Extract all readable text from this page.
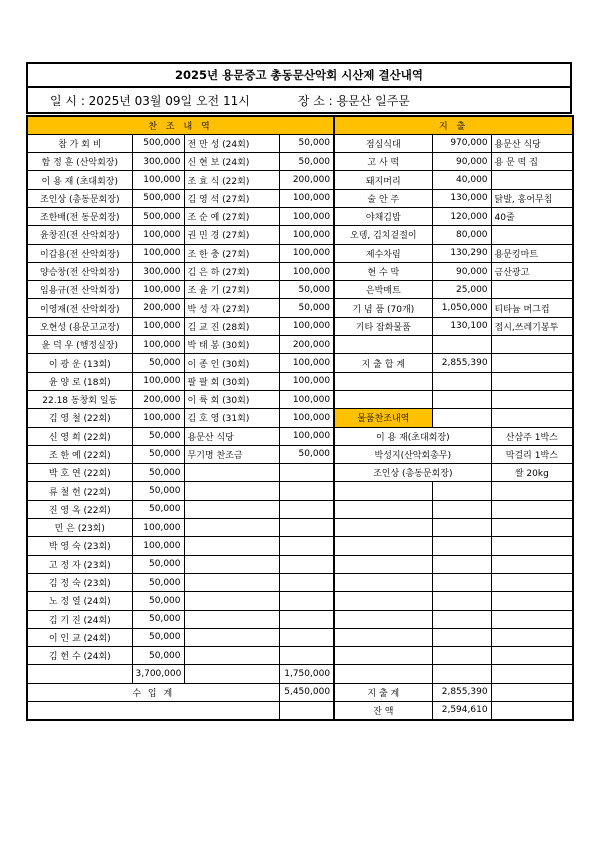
2025년 용문중고 총동문산악회 시산제 결산내역
일 시 : 2025년 03월 09일 오전 11시	장 소 : 용문산 일주문
찬 조 내 역				지 출		
참 가 회 비	500,000	전 만 성 (24회)	50,000	점심식대	970,000	용문산 식당
함 정 훈 (산악회장)	300,000	신 현 보 (24회)	50,000	고 사 떡	90,000	용 문 떡 집
이 용 재 (초대회장)	100,000	조 효 식 (22회)	200,000	돼지머리	40,000	
조인상 (총동문회장)	500,000	김 영 석 (27회)	100,000	술 안 주	130,000	닭발, 홍어무침
조한배(전 동문회장)	500,000	조 순 예 (27회)	100,000	야채김밥	120,000	40줄
윤창진(전 산악회장)	100,000	권 민 경 (27회)	100,000	오뎅, 김치겉절이	80,000	
이갑용(전 산악회장)	100,000	조 한 충 (27회)	100,000	제수차림	130,290	용문킹마트
양승창(전 산악회장)	300,000	김 은 하 (27회)	100,000	현 수 막	90,000	금산광고
임용규(전 산악회장)	100,000	조 윤 기 (27회)	50,000	은박매트	25,000	
이영재(전 산악회장)	200,000	박 성 자 (27회)	50,000	기 념 품 (70개)	1,050,000	티타늄 머그컵
오현성 (용문고교장)	100,000	김 교 진 (28회)	100,000	기타 잡화물품	130,100	접시,쓰레기봉투
윤 덕 우 (행정실장)	100,000	박 태 봉 (30회)	200,000			
이 광 운 (13회)	50,000	이 종 인 (30회)	100,000	지 출 합 계	2,855,390	
윤 양 로 (18회)	100,000	팔 팔 회 (30회)	100,000			
22.18 동창회 일동	200,000	이 륙 회 (30회)	100,000			
김 영 철 (22회)	100,000	김 호 영 (31회)	100,000	물품찬조내역		
신 영 희 (22회)	50,000	용문산 식당	100,000	이 용 재(초대회장)		산삼주 1박스
조 한 예 (22회)	50,000	무기명 찬조금	50,000	박성지(산악회총무)		막걸리 1박스
박 호 연 (22회)	50,000			조인상 (총동문회장)		쌀 20kg
류 철 헌 (22회)	50,000					
진 영 옥 (22회)	50,000					
민 은 (23회)	100,000					
박 영 숙 (23회)	100,000					
고 정 자 (23회)	50,000					
김 정 숙 (23회)	50,000					
노 정 열 (24회)	50,000					
김 기 진 (24회)	50,000					
이 인 교 (24회)	50,000					
김 헌 수 (24회)	50,000					
	3,700,000		1,750,000			
수 입 계			5,450,000	지 출 계	2,855,390	
				잔 액	2,594,610	
